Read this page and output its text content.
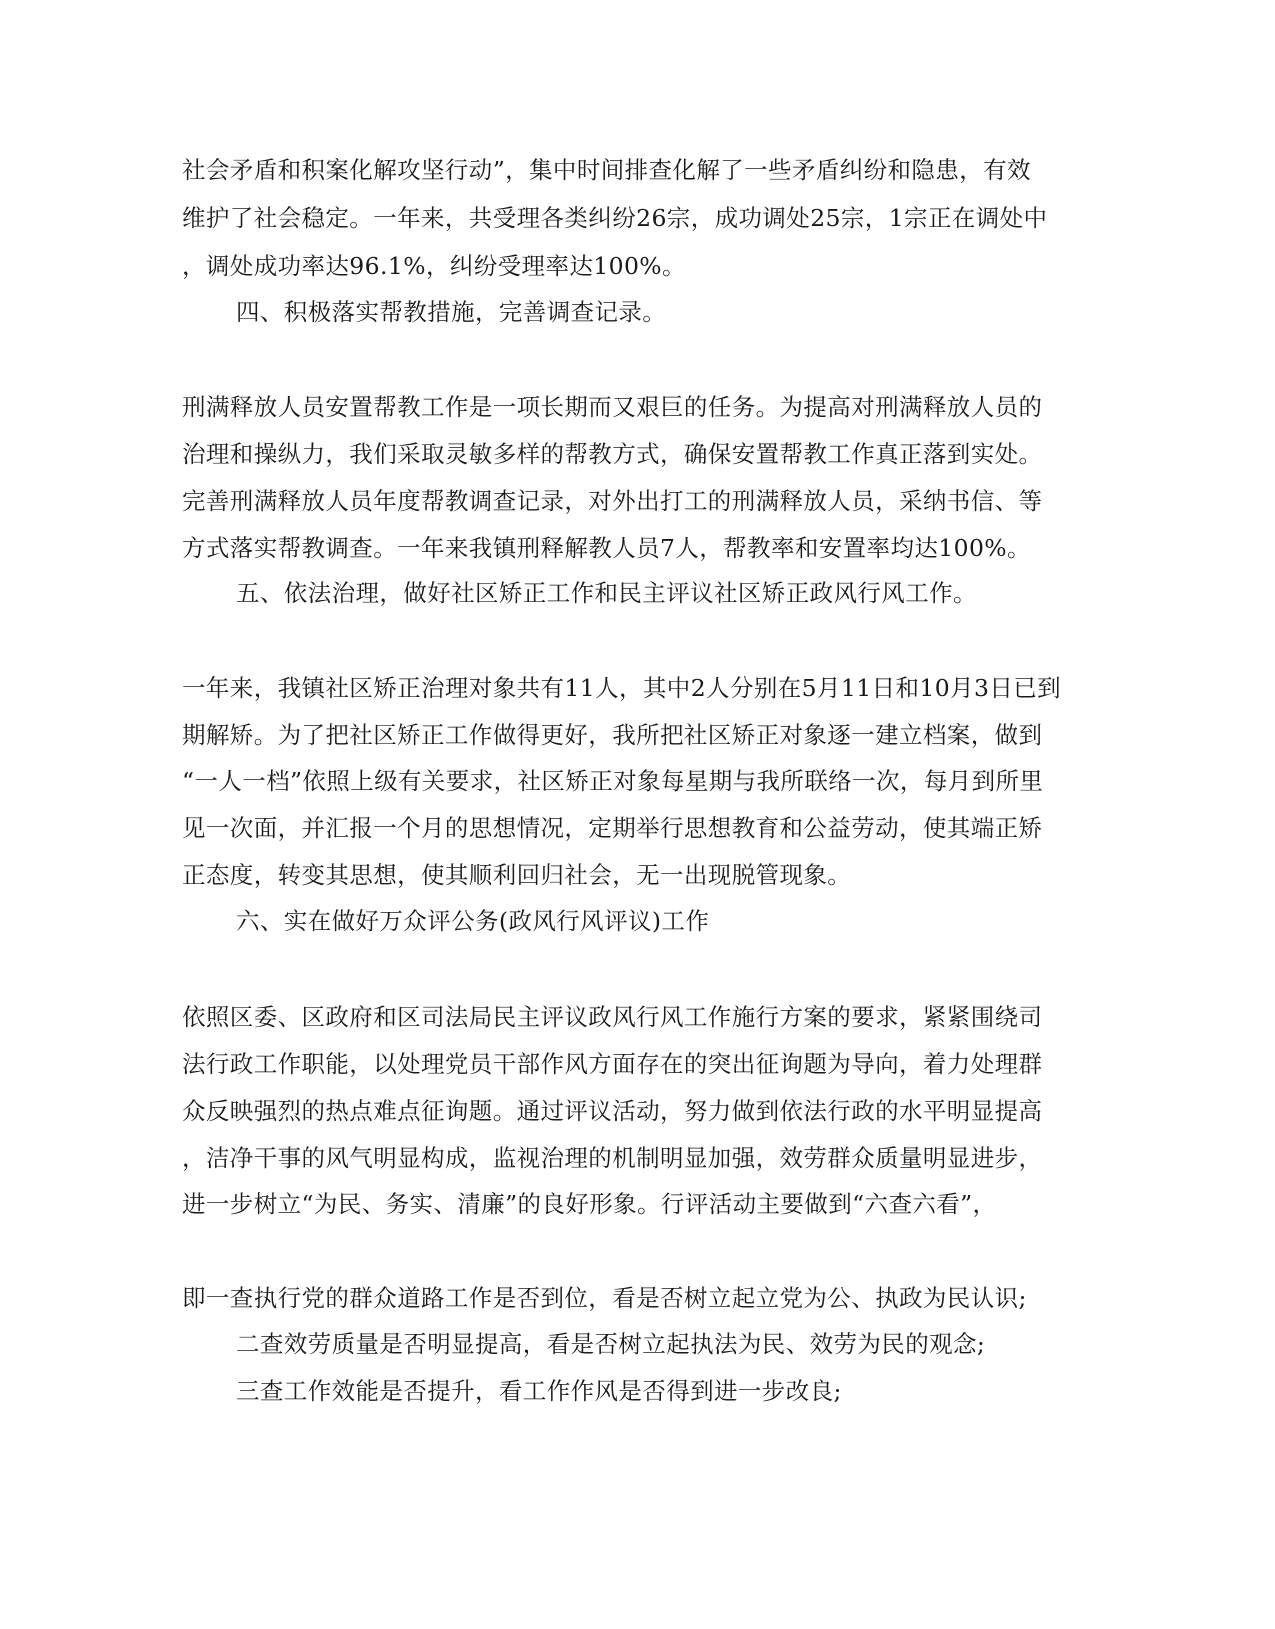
社会矛盾和积案化解攻坚行动”，集中时间排查化解了一些矛盾纠纷和隐患，有效
维护了社会稳定。一年来，共受理各类纠纷26宗，成功调处25宗，1宗正在调处中
，调处成功率达96.1%，纠纷受理率达100%。
四、积极落实帮教措施，完善调查记录。
刑满释放人员安置帮教工作是一项长期而又艰巨的任务。为提高对刑满释放人员的
治理和操纵力，我们采取灵敏多样的帮教方式，确保安置帮教工作真正落到实处。
完善刑满释放人员年度帮教调查记录，对外出打工的刑满释放人员，采纳书信、等
方式落实帮教调查。一年来我镇刑释解教人员7人，帮教率和安置率均达100%。
五、依法治理，做好社区矫正工作和民主评议社区矫正政风行风工作。
一年来，我镇社区矫正治理对象共有11人，其中2人分别在5月11日和10月3日已到
期解矫。为了把社区矫正工作做得更好，我所把社区矫正对象逐一建立档案，做到
“一人一档”依照上级有关要求，社区矫正对象每星期与我所联络一次，每月到所里
见一次面，并汇报一个月的思想情况，定期举行思想教育和公益劳动，使其端正矫
正态度，转变其思想，使其顺利回归社会，无一出现脱管现象。
六、实在做好万众评公务(政风行风评议)工作
依照区委、区政府和区司法局民主评议政风行风工作施行方案的要求，紧紧围绕司
法行政工作职能，以处理党员干部作风方面存在的突出征询题为导向，着力处理群
众反映强烈的热点难点征询题。通过评议活动，努力做到依法行政的水平明显提高
，洁净干事的风气明显构成，监视治理的机制明显加强，效劳群众质量明显进步，
进一步树立“为民、务实、清廉”的良好形象。行评活动主要做到“六查六看”，
即一查执行党的群众道路工作是否到位，看是否树立起立党为公、执政为民认识;
二查效劳质量是否明显提高，看是否树立起执法为民、效劳为民的观念;
三查工作效能是否提升，看工作作风是否得到进一步改良;
